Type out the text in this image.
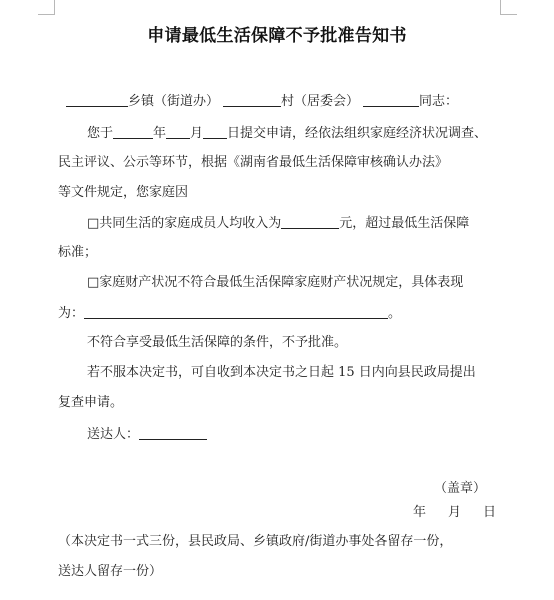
申请最低生活保障不予批准告知书
乡镇（街道办）	村（居委会）	同志：
您于	年 月 日提交申请，经依法组织家庭经济状况调查、
民主评议、公示等环节，根据《湖南省最低生活保障审核确认办法》
等文件规定，您家庭因
□共同生活的家庭成员人均收入为	元，超过最低生活保障
标准；
□家庭财产状况不符合最低生活保障家庭财产状况规定，具体表现
为：	。
不符合享受最低生活保障的条件，不予批准。
若不服本决定书，可自收到本决定书之日起 15 日内向县民政局提出
复查申请。
送达人：
（盖章）
年 月 日
（本决定书一式三份，县民政局、乡镇政府/街道办事处各留存一份，
送达人留存一份）
